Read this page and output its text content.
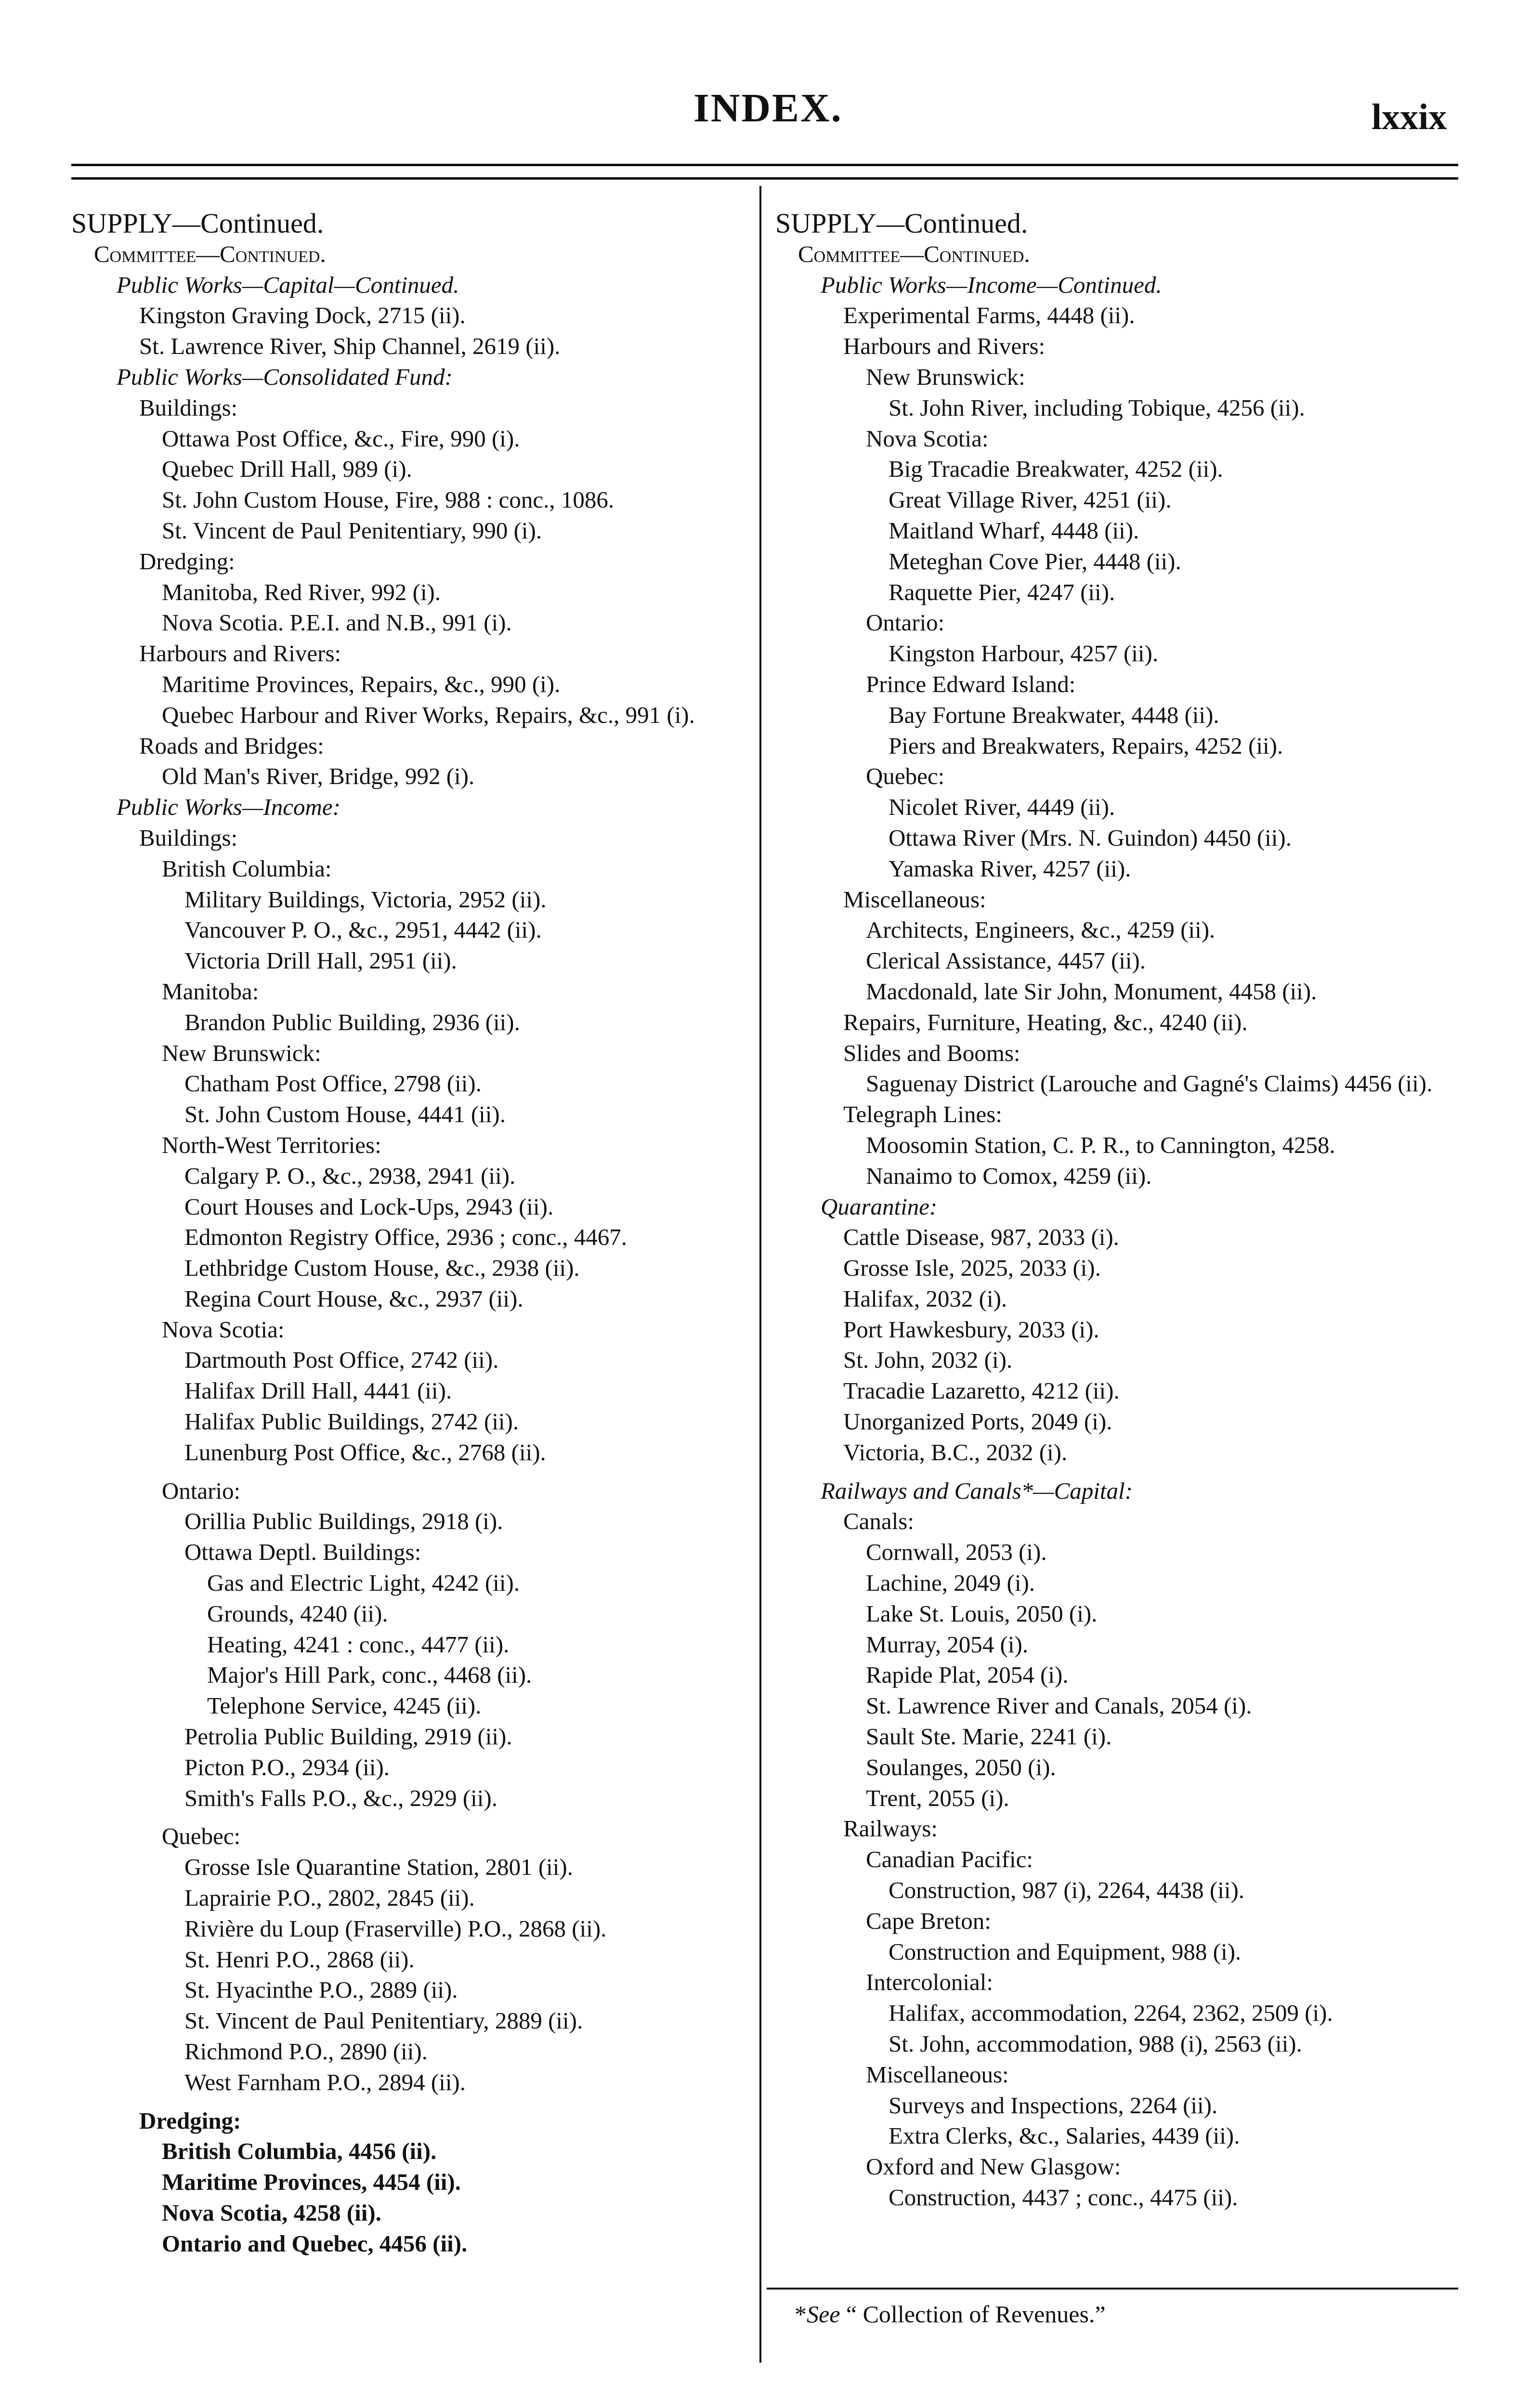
INDEX.	lxxix
SUPPLY—Continued.
Committee—Continued.
Public Works—Capital—Continued.
Kingston Graving Dock, 2715 (ii).
St. Lawrence River, Ship Channel, 2619 (ii).
Public Works—Consolidated Fund:
Buildings:
Ottawa Post Office, &c., Fire, 990 (i).
Quebec Drill Hall, 989 (i).
St. John Custom House, Fire, 988 : conc., 1086.
St. Vincent de Paul Penitentiary, 990 (i).
Dredging:
Manitoba, Red River, 992 (i).
Nova Scotia. P.E.I. and N.B., 991 (i).
Harbours and Rivers:
Maritime Provinces, Repairs, &c., 990 (i).
Quebec Harbour and River Works, Repairs, &c., 991 (i).
Roads and Bridges:
Old Man's River, Bridge, 992 (i).
Public Works—Income:
Buildings:
British Columbia:
Military Buildings, Victoria, 2952 (ii).
Vancouver P. O., &c., 2951, 4442 (ii).
Victoria Drill Hall, 2951 (ii).
Manitoba:
Brandon Public Building, 2936 (ii).
New Brunswick:
Chatham Post Office, 2798 (ii).
St. John Custom House, 4441 (ii).
North-West Territories:
Calgary P. O., &c., 2938, 2941 (ii).
Court Houses and Lock-Ups, 2943 (ii).
Edmonton Registry Office, 2936 ; conc., 4467.
Lethbridge Custom House, &c., 2938 (ii).
Regina Court House, &c., 2937 (ii).
Nova Scotia:
Dartmouth Post Office, 2742 (ii).
Halifax Drill Hall, 4441 (ii).
Halifax Public Buildings, 2742 (ii).
Lunenburg Post Office, &c., 2768 (ii).
Ontario:
Orillia Public Buildings, 2918 (i).
Ottawa Deptl. Buildings:
Gas and Electric Light, 4242 (ii).
Grounds, 4240 (ii).
Heating, 4241 : conc., 4477 (ii).
Major's Hill Park, conc., 4468 (ii).
Telephone Service, 4245 (ii).
Petrolia Public Building, 2919 (ii).
Picton P.O., 2934 (ii).
Smith's Falls P.O., &c., 2929 (ii).
Quebec:
Grosse Isle Quarantine Station, 2801 (ii).
Laprairie P.O., 2802, 2845 (ii).
Rivière du Loup (Fraserville) P.O., 2868 (ii).
St. Henri P.O., 2868 (ii).
St. Hyacinthe P.O., 2889 (ii).
St. Vincent de Paul Penitentiary, 2889 (ii).
Richmond P.O., 2890 (ii).
West Farnham P.O., 2894 (ii).
Dredging:
British Columbia, 4456 (ii).
Maritime Provinces, 4454 (ii).
Nova Scotia, 4258 (ii).
Ontario and Quebec, 4456 (ii).
SUPPLY—Continued.
Committee—Continued.
Public Works—Income—Continued.
Experimental Farms, 4448 (ii).
Harbours and Rivers:
New Brunswick:
St. John River, including Tobique, 4256 (ii).
Nova Scotia:
Big Tracadie Breakwater, 4252 (ii).
Great Village River, 4251 (ii).
Maitland Wharf, 4448 (ii).
Meteghan Cove Pier, 4448 (ii).
Raquette Pier, 4247 (ii).
Ontario:
Kingston Harbour, 4257 (ii).
Prince Edward Island:
Bay Fortune Breakwater, 4448 (ii).
Piers and Breakwaters, Repairs, 4252 (ii).
Quebec:
Nicolet River, 4449 (ii).
Ottawa River (Mrs. N. Guindon) 4450 (ii).
Yamaska River, 4257 (ii).
Miscellaneous:
Architects, Engineers, &c., 4259 (ii).
Clerical Assistance, 4457 (ii).
Macdonald, late Sir John, Monument, 4458 (ii).
Repairs, Furniture, Heating, &c., 4240 (ii).
Slides and Booms:
Saguenay District (Larouche and Gagné's Claims) 4456 (ii).
Telegraph Lines:
Moosomin Station, C. P. R., to Cannington, 4258.
Nanaimo to Comox, 4259 (ii).
Quarantine:
Cattle Disease, 987, 2033 (i).
Grosse Isle, 2025, 2033 (i).
Halifax, 2032 (i).
Port Hawkesbury, 2033 (i).
St. John, 2032 (i).
Tracadie Lazaretto, 4212 (ii).
Unorganized Ports, 2049 (i).
Victoria, B.C., 2032 (i).
Railways and Canals*—Capital:
Canals:
Cornwall, 2053 (i).
Lachine, 2049 (i).
Lake St. Louis, 2050 (i).
Murray, 2054 (i).
Rapide Plat, 2054 (i).
St. Lawrence River and Canals, 2054 (i).
Sault Ste. Marie, 2241 (i).
Soulanges, 2050 (i).
Trent, 2055 (i).
Railways:
Canadian Pacific:
Construction, 987 (i), 2264, 4438 (ii).
Cape Breton:
Construction and Equipment, 988 (i).
Intercolonial:
Halifax, accommodation, 2264, 2362, 2509 (i).
St. John, accommodation, 988 (i), 2563 (ii).
Miscellaneous:
Surveys and Inspections, 2264 (ii).
Extra Clerks, &c., Salaries, 4439 (ii).
Oxford and New Glasgow:
Construction, 4437 ; conc., 4475 (ii).
*See “ Collection of Revenues.”
